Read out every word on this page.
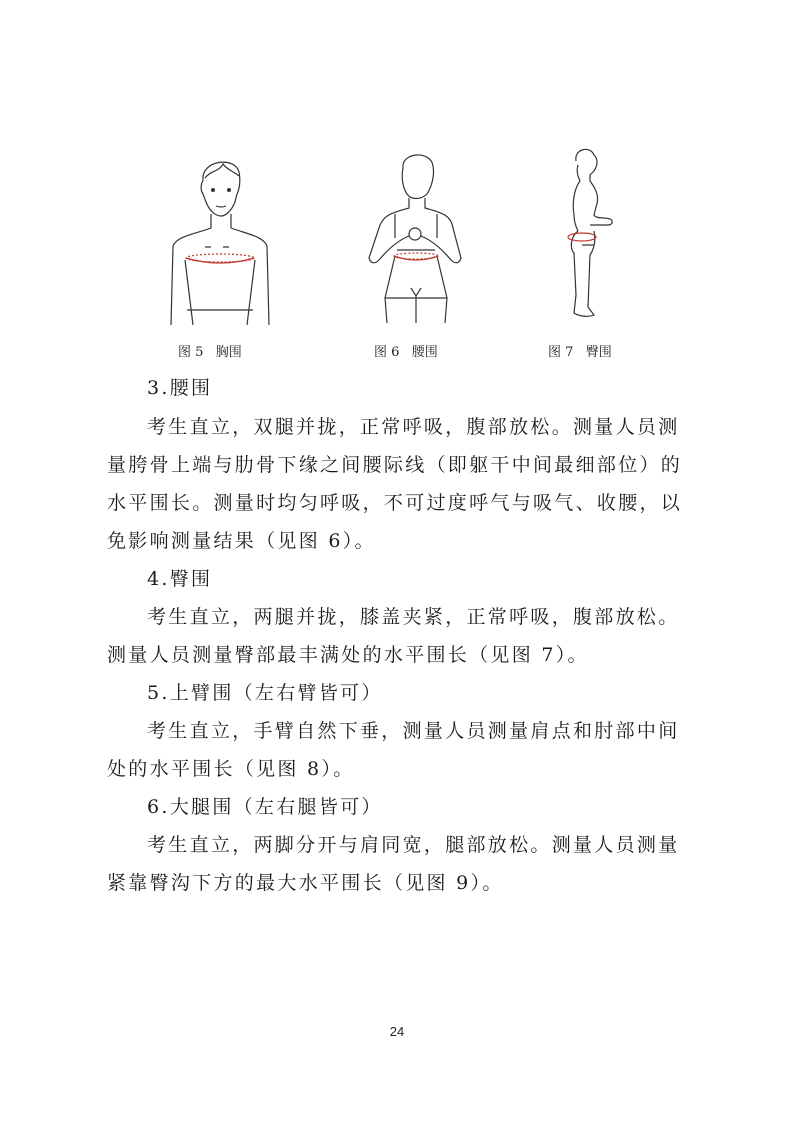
图 5   胸围	图 6   腰围	图 7   臀围
3.腰围
考生直立，双腿并拢，正常呼吸，腹部放松。测量人员测
量胯骨上端与肋骨下缘之间腰际线（即躯干中间最细部位）的
水平围长。测量时均匀呼吸，不可过度呼气与吸气、收腰，以
免影响测量结果（见图 6）。
4.臀围
考生直立，两腿并拢，膝盖夹紧，正常呼吸，腹部放松。
测量人员测量臀部最丰满处的水平围长（见图 7）。
5.上臂围（左右臂皆可）
考生直立，手臂自然下垂，测量人员测量肩点和肘部中间
处的水平围长（见图 8）。
6.大腿围（左右腿皆可）
考生直立，两脚分开与肩同宽，腿部放松。测量人员测量
紧靠臀沟下方的最大水平围长（见图 9）。
24
